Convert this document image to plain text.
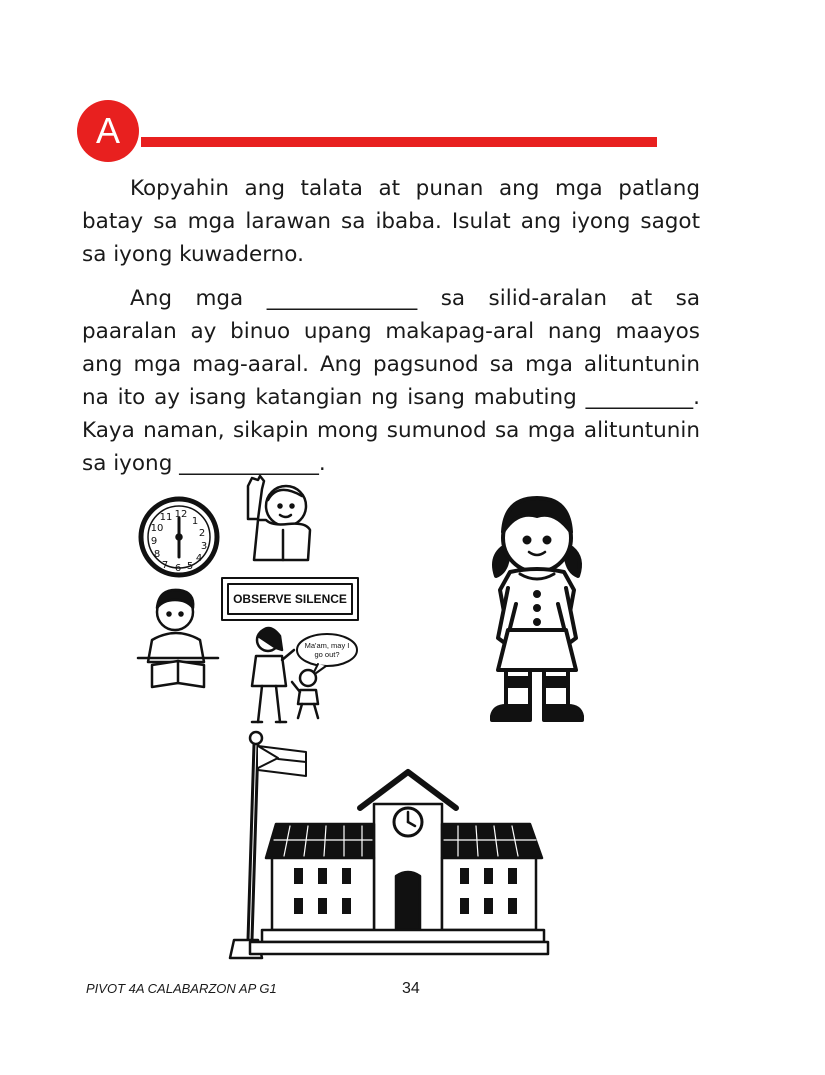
A

Kopyahin ang talata at punan ang mga patlang batay sa mga larawan sa ibaba. Isulat ang iyong sagot sa iyong kuwaderno.

Ang mga ______________ sa silid-aralan at sa paaralan ay binuo upang makapag-aral nang maayos ang mga mag-aaral. Ang pagsunod sa mga alituntunin na ito ay isang katangian ng isang mabuting __________. Kaya naman, sikapin mong sumunod sa mga alituntunin sa iyong _____________.

12
1
2
3
4
5
6
7
8
9
10
11
OBSERVE SILENCE
Ma'am, may I
go out?
PIVOT 4A CALABARZON AP G1	34
